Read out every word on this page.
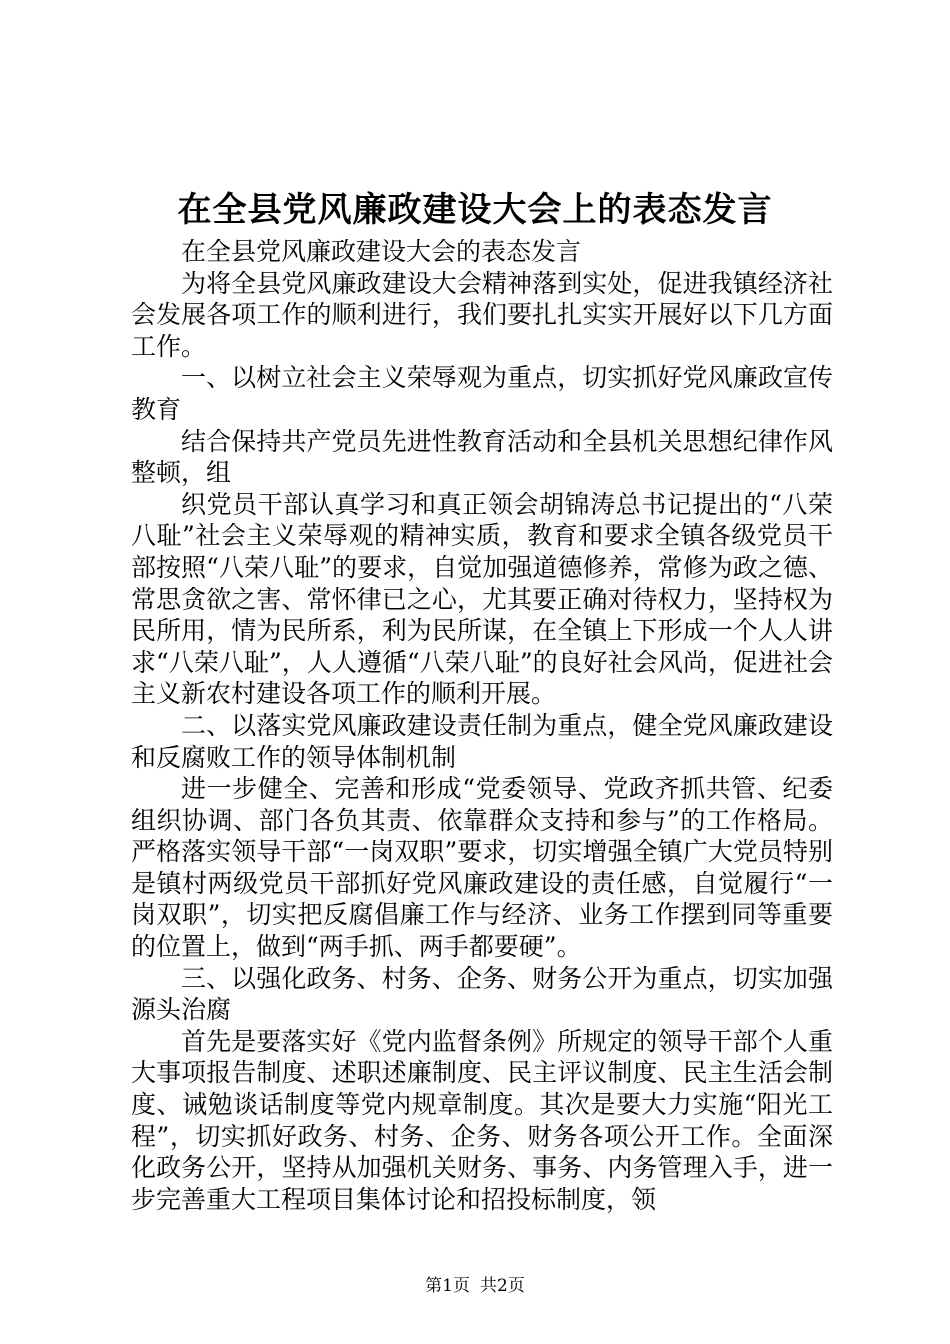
在全县党风廉政建设大会上的表态发言

在全县党风廉政建设大会的表态发言

为将全县党风廉政建设大会精神落到实处，促进我镇经济社会发展各项工作的顺利进行，我们要扎扎实实开展好以下几方面工作。

一、以树立社会主义荣辱观为重点，切实抓好党风廉政宣传教育

结合保持共产党员先进性教育活动和全县机关思想纪律作风整顿，组

织党员干部认真学习和真正领会胡锦涛总书记提出的“八荣八耻”社会主义荣辱观的精神实质，教育和要求全镇各级党员干部按照“八荣八耻”的要求，自觉加强道德修养，常修为政之德、常思贪欲之害、常怀律已之心，尤其要正确对待权力，坚持权为民所用，情为民所系，利为民所谋，在全镇上下形成一个人人讲求“八荣八耻”，人人遵循“八荣八耻”的良好社会风尚，促进社会主义新农村建设各项工作的顺利开展。

二、以落实党风廉政建设责任制为重点，健全党风廉政建设和反腐败工作的领导体制机制

进一步健全、完善和形成“党委领导、党政齐抓共管、纪委组织协调、部门各负其责、依靠群众支持和参与”的工作格局。严格落实领导干部“一岗双职”要求，切实增强全镇广大党员特别是镇村两级党员干部抓好党风廉政建设的责任感，自觉履行“一岗双职”，切实把反腐倡廉工作与经济、业务工作摆到同等重要的位置上，做到“两手抓、两手都要硬”。

三、以强化政务、村务、企务、财务公开为重点，切实加强源头治腐

首先是要落实好《党内监督条例》所规定的领导干部个人重大事项报告制度、述职述廉制度、民主评议制度、民主生活会制度、诫勉谈话制度等党内规章制度。其次是要大力实施“阳光工程”，切实抓好政务、村务、企务、财务各项公开工作。全面深化政务公开，坚持从加强机关财务、事务、内务管理入手，进一步完善重大工程项目集体讨论和招投标制度，领

第1页 共2页
